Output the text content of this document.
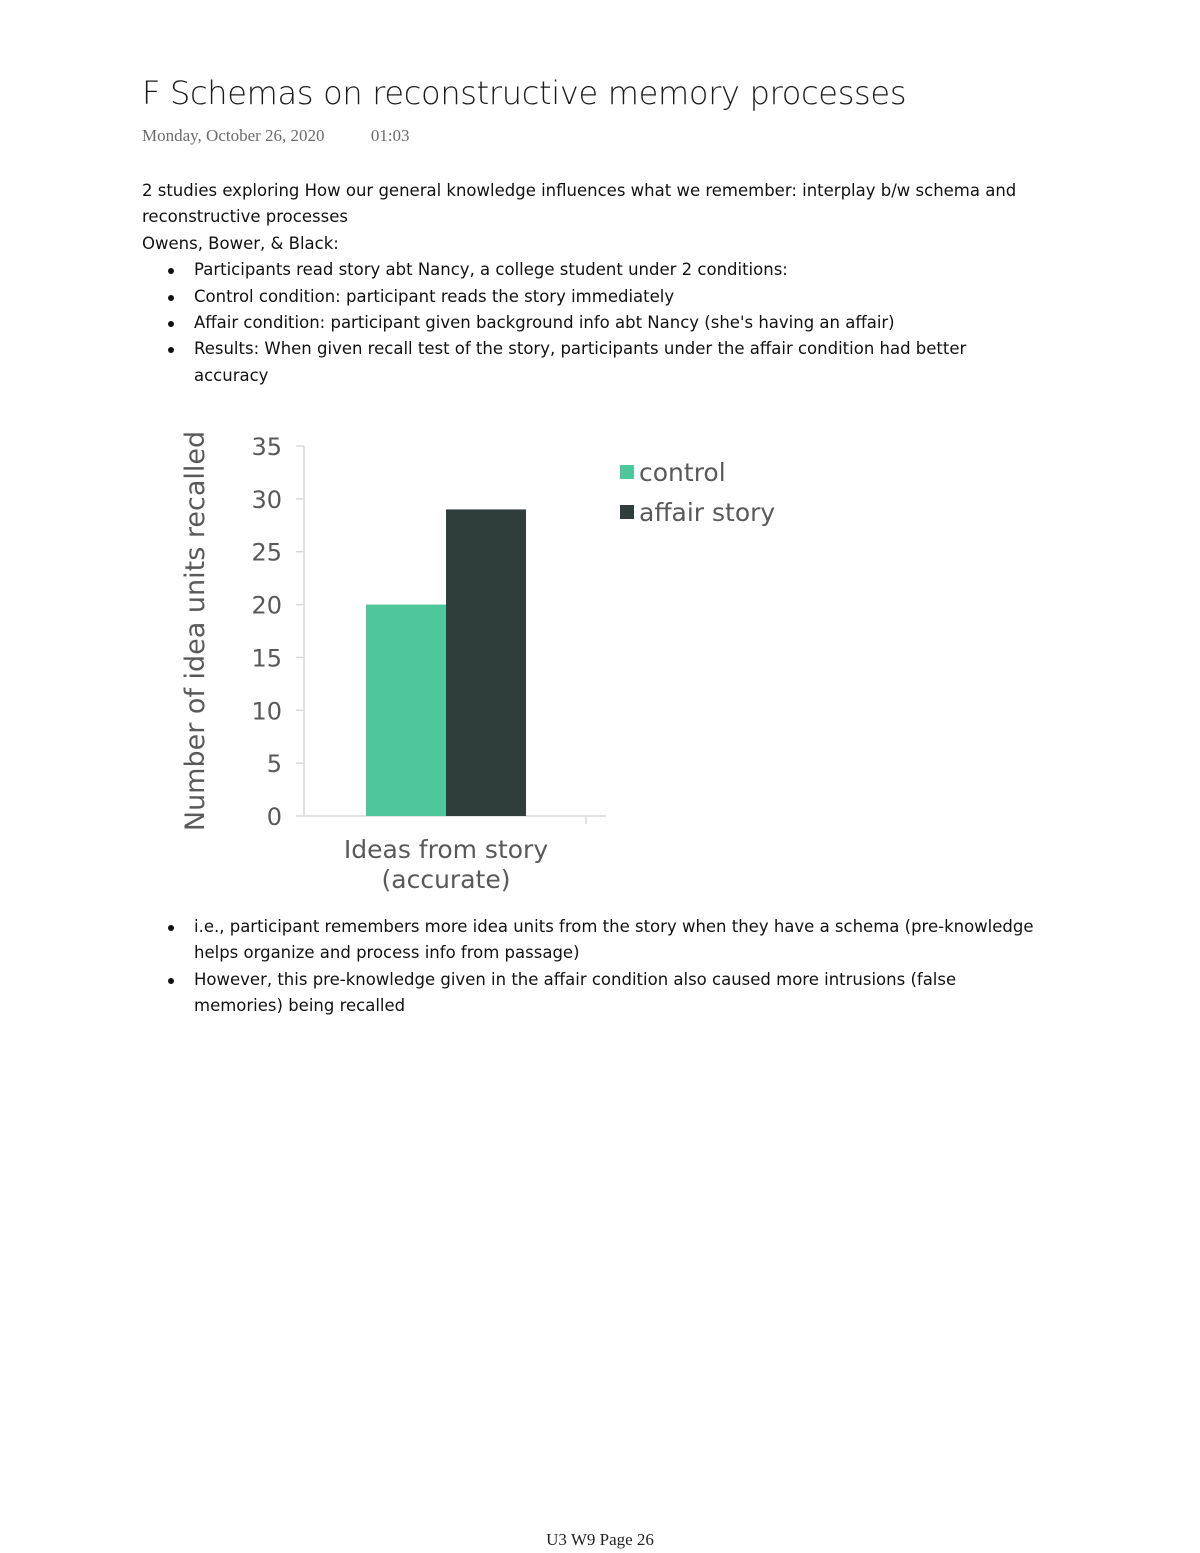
F Schemas on reconstructive memory processes
Monday, October 26, 2020	01:03

2 studies exploring How our general knowledge influences what we remember: interplay b/w schema and reconstructive processes

Owens, Bower, & Black:

Participants read story abt Nancy, a college student under 2 conditions:
Control condition: participant reads the story immediately
Affair condition: participant given background info abt Nancy (she's having an affair)
Results: When given recall test of the story, participants under the affair condition had better accuracy
0
5
10
15
20
25
30
35
Ideas from story
(accurate)
Number of idea units recalled	control
affair story
i.e., participant remembers more idea units from the story when they have a schema (pre-knowledge helps organize and process info from passage)
However, this pre-knowledge given in the affair condition also caused more intrusions (false memories) being recalled
U3 W9 Page 26
